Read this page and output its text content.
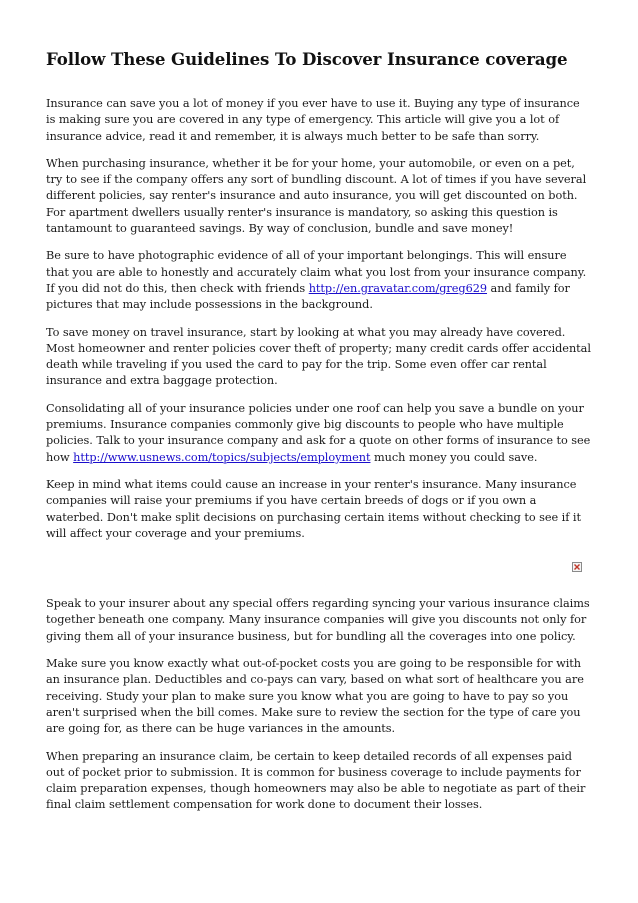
Follow These Guidelines To Discover Insurance coverage

Insurance can save you a lot of money if you ever have to use it. Buying any type of insurance is making sure you are covered in any type of emergency. This article will give you a lot of insurance advice, read it and remember, it is always much better to be safe than sorry.

When purchasing insurance, whether it be for your home, your automobile, or even on a pet, try to see if the company offers any sort of bundling discount. A lot of times if you have several different policies, say renter's insurance and auto insurance, you will get discounted on both. For apartment dwellers usually renter's insurance is mandatory, so asking this question is tantamount to guaranteed savings. By way of conclusion, bundle and save money!

Be sure to have photographic evidence of all of your important belongings. This will ensure that you are able to honestly and accurately claim what you lost from your insurance company. If you did not do this, then check with friends http://en.gravatar.com/greg629 and family for pictures that may include possessions in the background.

To save money on travel insurance, start by looking at what you may already have covered. Most homeowner and renter policies cover theft of property; many credit cards offer accidental death while traveling if you used the card to pay for the trip. Some even offer car rental insurance and extra baggage protection.

Consolidating all of your insurance policies under one roof can help you save a bundle on your premiums. Insurance companies commonly give big discounts to people who have multiple policies. Talk to your insurance company and ask for a quote on other forms of insurance to see how http://www.usnews.com/topics/subjects/employment much money you could save.

Keep in mind what items could cause an increase in your renter's insurance. Many insurance companies will raise your premiums if you have certain breeds of dogs or if you own a waterbed. Don't make split decisions on purchasing certain items without checking to see if it will affect your coverage and your premiums.

Speak to your insurer about any special offers regarding syncing your various insurance claims together beneath one company. Many insurance companies will give you discounts not only for giving them all of your insurance business, but for bundling all the coverages into one policy.

Make sure you know exactly what out-of-pocket costs you are going to be responsible for with an insurance plan. Deductibles and co-pays can vary, based on what sort of healthcare you are receiving. Study your plan to make sure you know what you are going to have to pay so you aren't surprised when the bill comes. Make sure to review the section for the type of care you are going for, as there can be huge variances in the amounts.

When preparing an insurance claim, be certain to keep detailed records of all expenses paid out of pocket prior to submission. It is common for business coverage to include payments for claim preparation expenses, though homeowners may also be able to negotiate as part of their final claim settlement compensation for work done to document their losses.
